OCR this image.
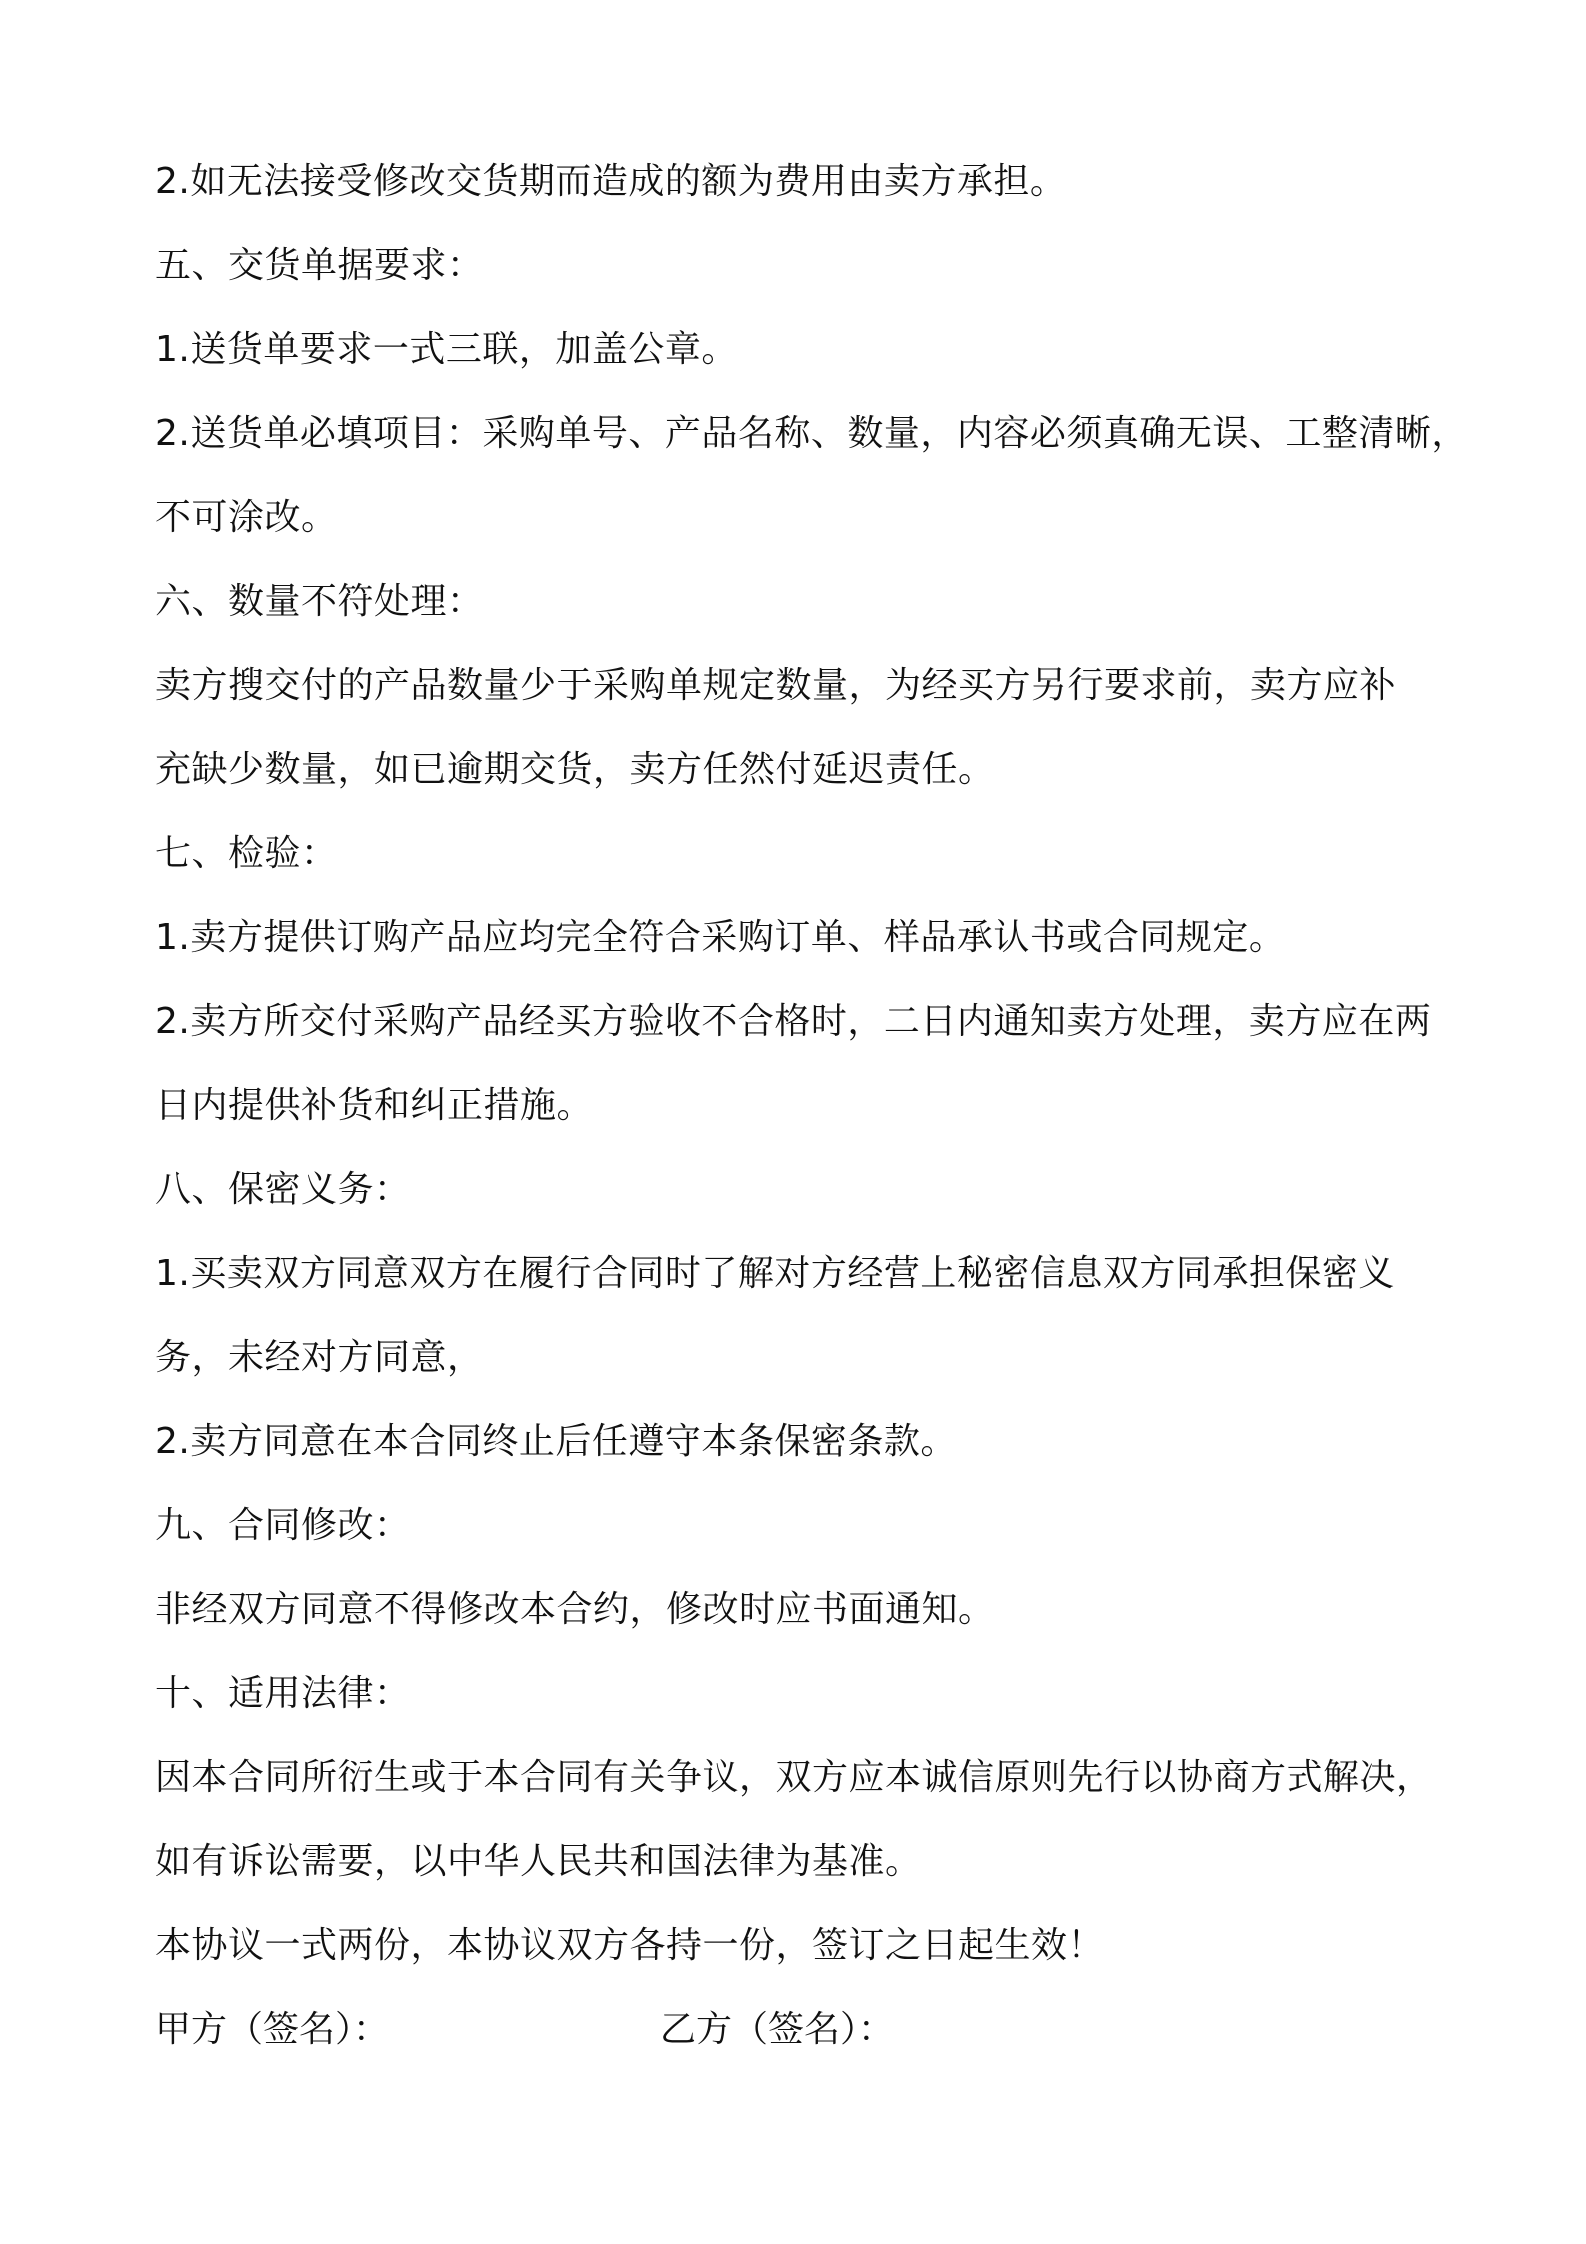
2.如无法接受修改交货期而造成的额为费用由卖方承担。
五、交货单据要求：
1.送货单要求一式三联，加盖公章。
2.送货单必填项目：采购单号、产品名称、数量，内容必须真确无误、工整清晰，
不可涂改。
六、数量不符处理：
卖方搜交付的产品数量少于采购单规定数量，为经买方另行要求前，卖方应补
充缺少数量，如已逾期交货，卖方任然付延迟责任。
七、检验：
1.卖方提供订购产品应均完全符合采购订单、样品承认书或合同规定。
2.卖方所交付采购产品经买方验收不合格时，二日内通知卖方处理，卖方应在两
日内提供补货和纠正措施。
八、保密义务：
1.买卖双方同意双方在履行合同时了解对方经营上秘密信息双方同承担保密义
务，未经对方同意，
2.卖方同意在本合同终止后任遵守本条保密条款。
九、合同修改：
非经双方同意不得修改本合约，修改时应书面通知。
十、适用法律：
因本合同所衍生或于本合同有关争议，双方应本诚信原则先行以协商方式解决，
如有诉讼需要，以中华人民共和国法律为基准。
本协议一式两份，本协议双方各持一份，签订之日起生效！
甲方（签名）：	乙方（签名）：
